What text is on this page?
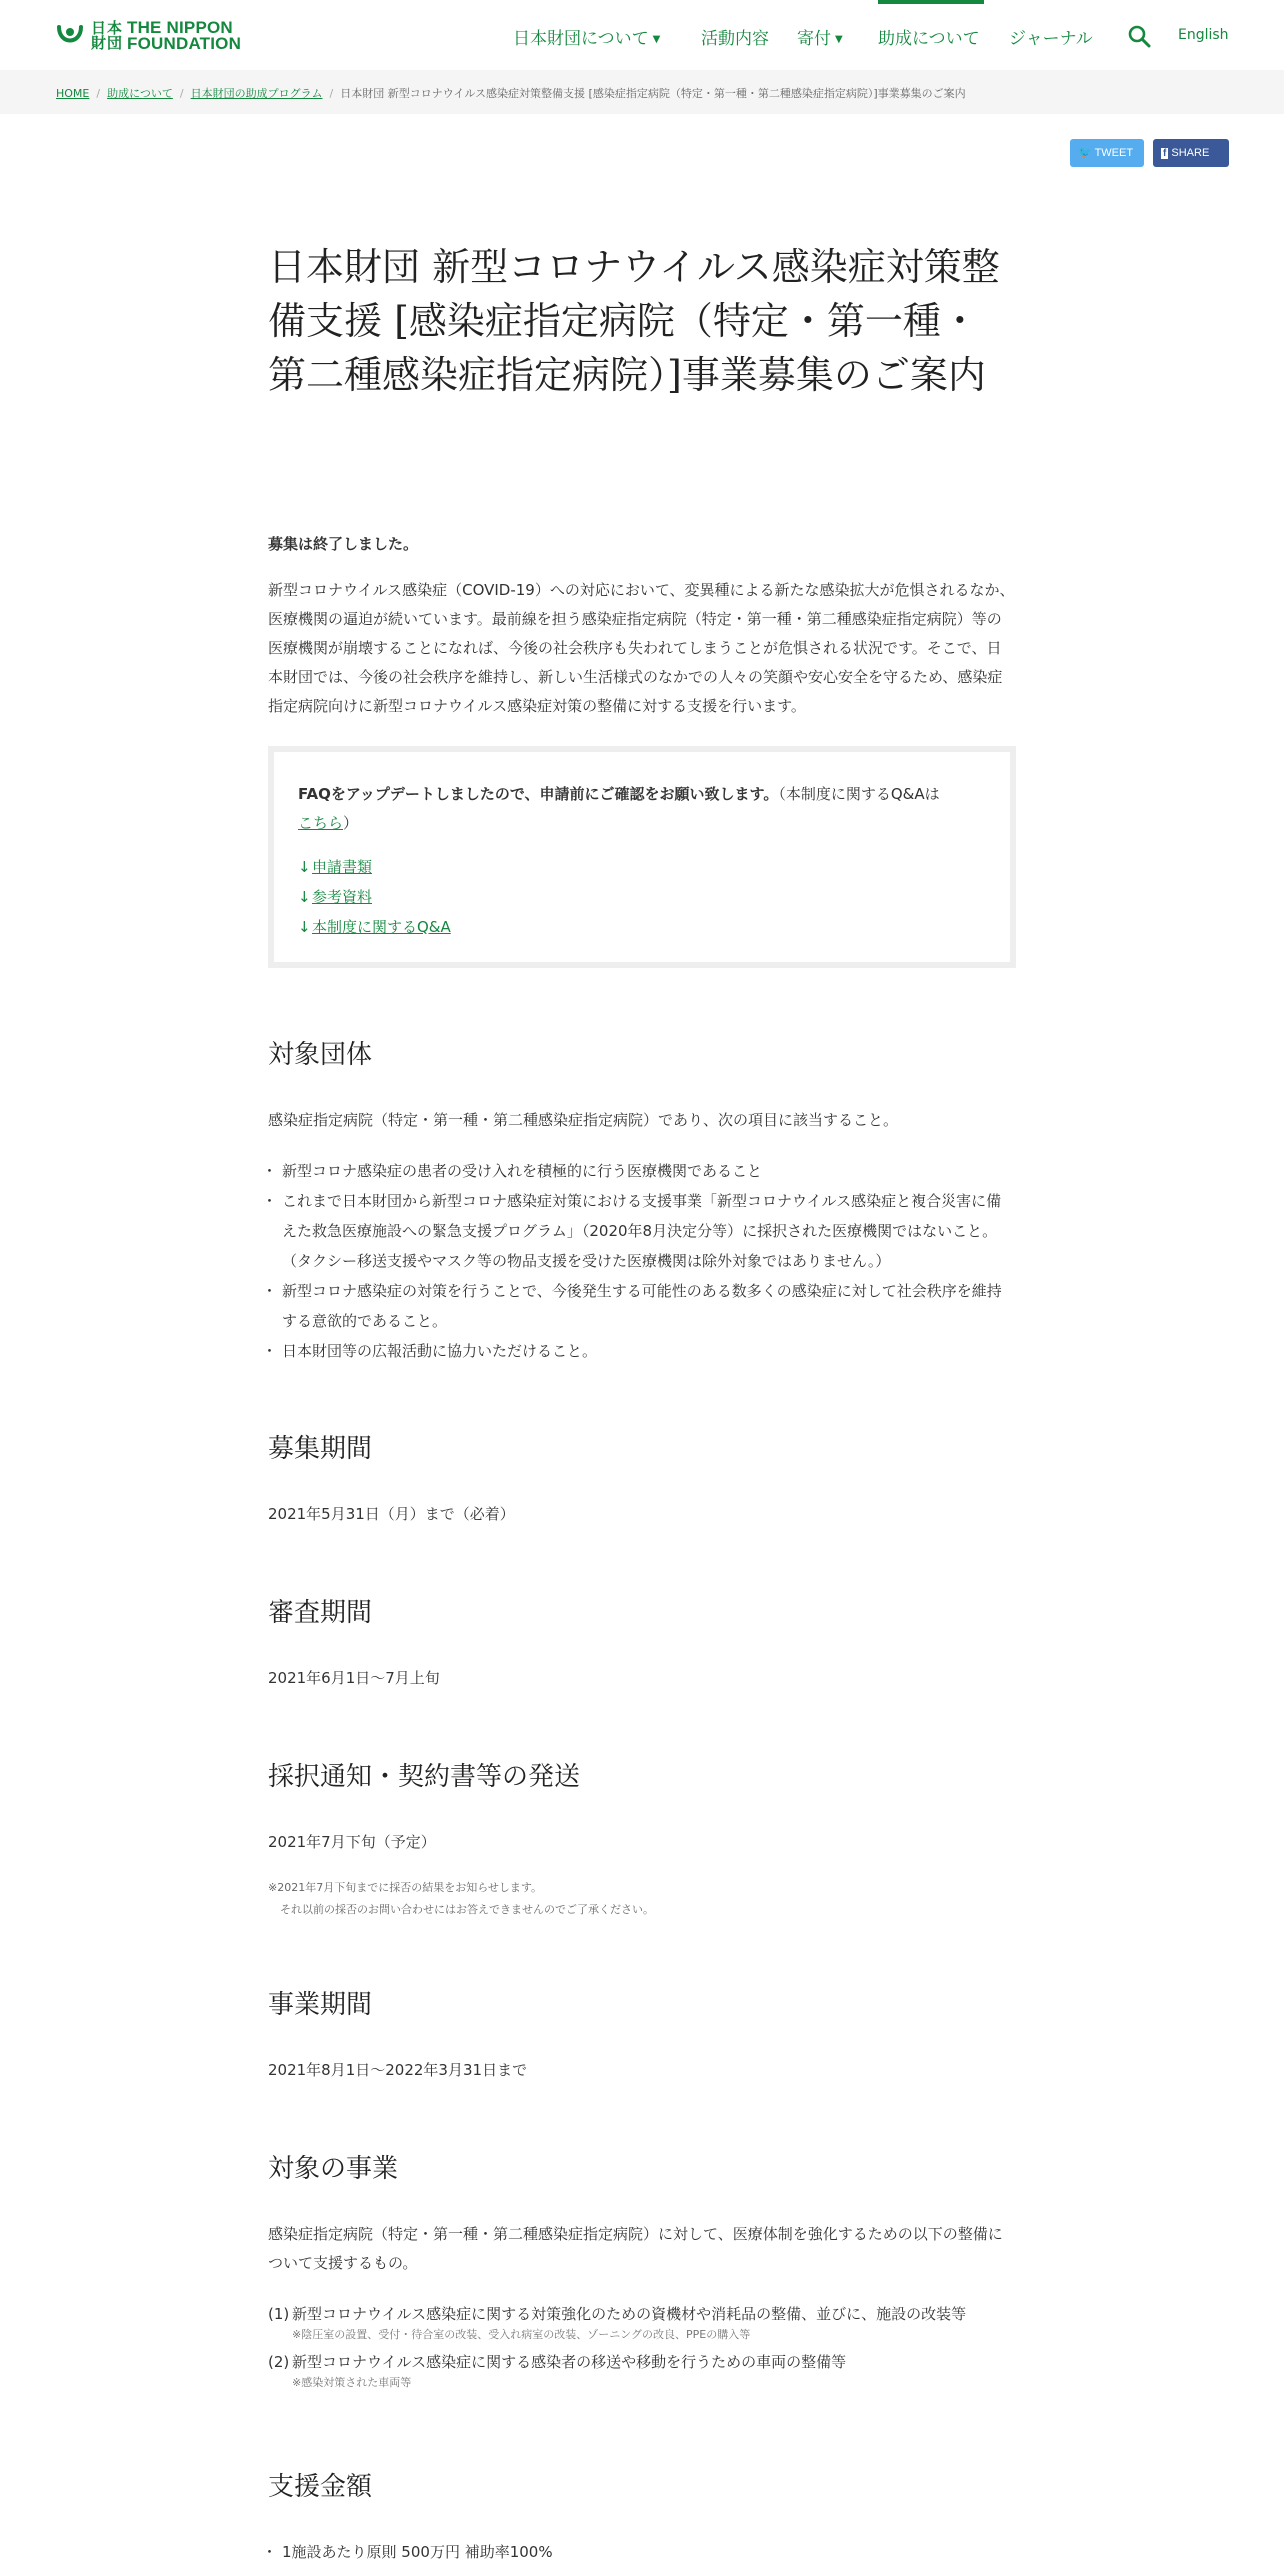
日本 財団
THE NIPPON
FOUNDATION	日本財団について ▼ 活動内容 寄付 ▼ 助成について ジャーナル	English
HOME / 助成について / 日本財団の助成プログラム / 日本財団 新型コロナウイルス感染症対策整備支援 [感染症指定病院（特定・第一種・第二種感染症指定病院）]事業募集のご案内
🐦 TWEET	f SHARE
日本財団 新型コロナウイルス感染症対策整備支援 [感染症指定病院（特定・第一種・第二種感染症指定病院）]事業募集のご案内

募集は終了しました。

新型コロナウイルス感染症（COVID-19）への対応において、変異種による新たな感染拡大が危惧されるなか、医療機関の逼迫が続いています。最前線を担う感染症指定病院（特定・第一種・第二種感染症指定病院）等の医療機関が崩壊することになれば、今後の社会秩序も失われてしまうことが危惧される状況です。そこで、日本財団では、今後の社会秩序を維持し、新しい生活様式のなかでの人々の笑顔や安心安全を守るため、感染症指定病院向けに新型コロナウイルス感染症対策の整備に対する支援を行います。

FAQをアップデートしましたので、申請前にご確認をお願い致します。（本制度に関するQ&Aは
こちら）
↓申請書類
↓参考資料
↓本制度に関するQ&A
対象団体

感染症指定病院（特定・第一種・第二種感染症指定病院）であり、次の項目に該当すること。

・ 新型コロナ感染症の患者の受け入れを積極的に行う医療機関であること
・ これまで日本財団から新型コロナ感染症対策における支援事業「新型コロナウイルス感染症と複合災害に備えた救急医療施設への緊急支援プログラム」（2020年8月決定分等）に採択された医療機関ではないこと。（タクシー移送支援やマスク等の物品支援を受けた医療機関は除外対象ではありません。）
・ 新型コロナ感染症の対策を行うことで、今後発生する可能性のある数多くの感染症に対して社会秩序を維持する意欲的であること。
・ 日本財団等の広報活動に協力いただけること。
募集期間

2021年5月31日（月）まで（必着）

審査期間

2021年6月1日〜7月上旬

採択通知・契約書等の発送

2021年7月下旬（予定）

※2021年7月下旬までに採否の結果をお知らせします。
それ以前の採否のお問い合わせにはお答えできませんのでご了承ください。
事業期間

2021年8月1日〜2022年3月31日まで

対象の事業

感染症指定病院（特定・第一種・第二種感染症指定病院）に対して、医療体制を強化するための以下の整備について支援するもの。

(1) 新型コロナウイルス感染症に関する対策強化のための資機材や消耗品の整備、並びに、施設の改装等
※陰圧室の設置、受付・待合室の改装、受入れ病室の改装、ゾーニングの改良、PPEの購入等
(2) 新型コロナウイルス感染症に関する感染者の移送や移動を行うための車両の整備等
※感染対策された車両等
支援金額
・ 1施設あたり原則 500万円 補助率100%
